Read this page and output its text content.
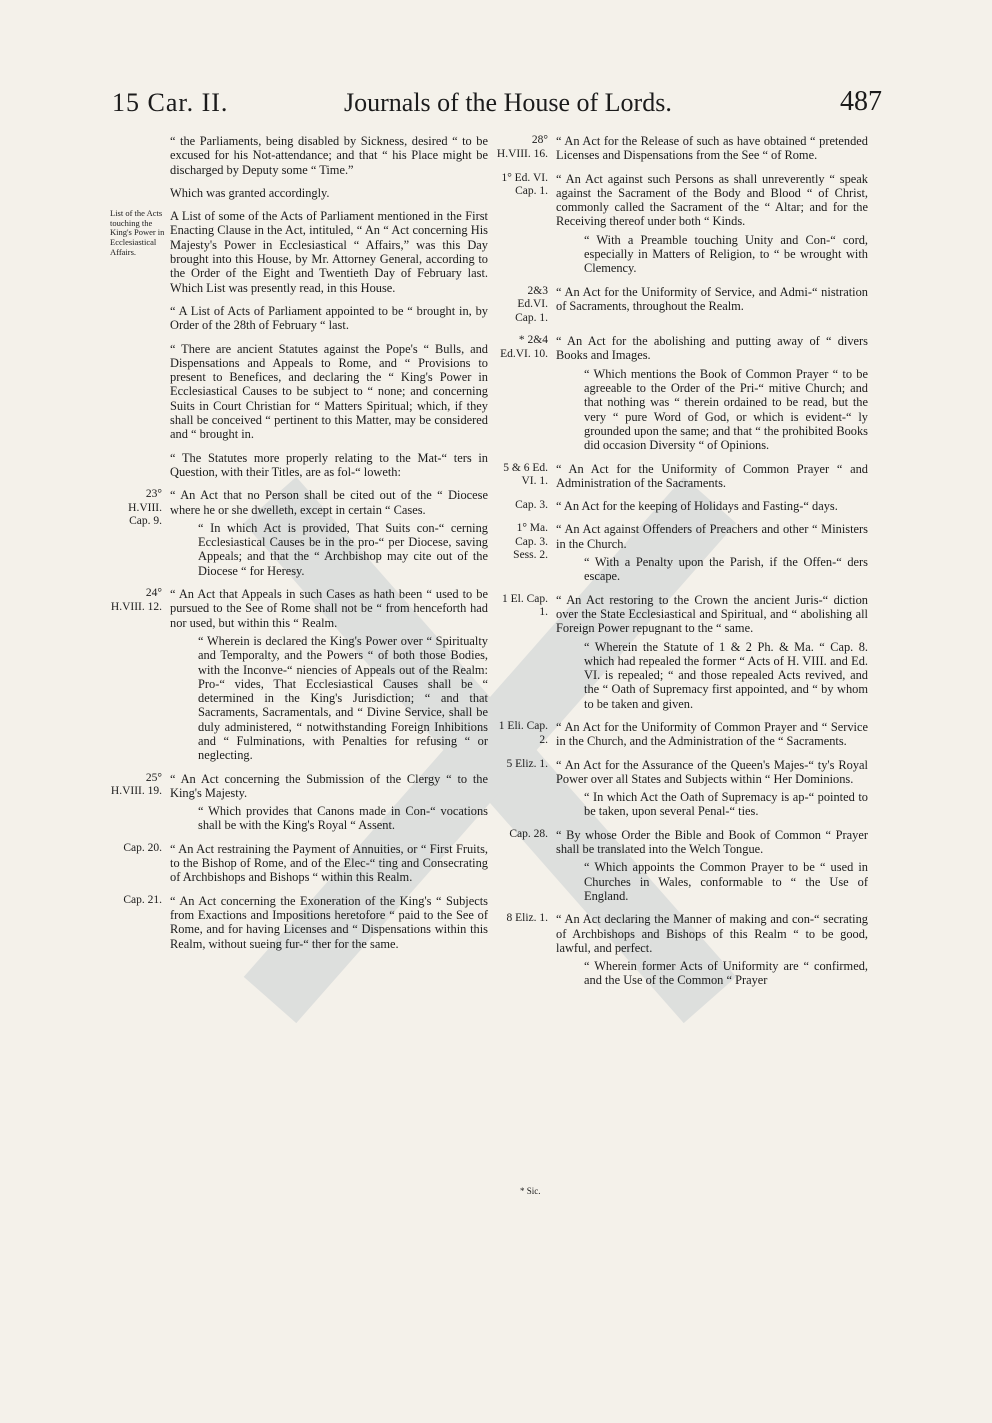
15 Car. II.	Journals of the House of Lords.	487
“ the Parliaments, being disabled by Sickness, desired “ to be excused for his Not-attendance; and that “ his Place might be discharged by Deputy some “ Time.”
Which was granted accordingly.
List of the Acts touching the King's Power in Ecclesiastical Affairs.
A List of some of the Acts of Parliament mentioned in the First Enacting Clause in the Act, intituled, “ An “ Act concerning His Majesty's Power in Ecclesiastical “ Affairs,” was this Day brought into this House, by Mr. Attorney General, according to the Order of the Eight and Twentieth Day of February last. Which List was presently read, in this House.
“ A List of Acts of Parliament appointed to be “ brought in, by Order of the 28th of February “ last.
“ There are ancient Statutes against the Pope's “ Bulls, and Dispensations and Appeals to Rome, and “ Provisions to present to Benefices, and declaring the “ King's Power in Ecclesiastical Causes to be subject to “ none; and concerning Suits in Court Christian for “ Matters Spiritual; which, if they shall be conceived “ pertinent to this Matter, may be considered and “ brought in.
“ The Statutes more properly relating to the Mat-“ ters in Question, with their Titles, are as fol-“ loweth:
23° H.VIII. Cap. 9.
“ An Act that no Person shall be cited out of the “ Diocese where he or she dwelleth, except in certain “ Cases.
“ In which Act is provided, That Suits con-“ cerning Ecclesiastical Causes be in the pro-“ per Diocese, saving Appeals; and that the “ Archbishop may cite out of the Diocese “ for Heresy.
24° H.VIII. 12.
“ An Act that Appeals in such Cases as hath been “ used to be pursued to the See of Rome shall not be “ from henceforth had nor used, but within this “ Realm.
“ Wherein is declared the King's Power over “ Spiritualty and Temporalty, and the Powers “ of both those Bodies, with the Inconve-“ niencies of Appeals out of the Realm: Pro-“ vides, That Ecclesiastical Causes shall be “ determined in the King's Jurisdiction; “ and that Sacraments, Sacramentals, and “ Divine Service, shall be duly administered, “ notwithstanding Foreign Inhibitions and “ Fulminations, with Penalties for refusing “ or neglecting.
25° H.VIII. 19.
“ An Act concerning the Submission of the Clergy “ to the King's Majesty.
“ Which provides that Canons made in Con-“ vocations shall be with the King's Royal “ Assent.
Cap. 20. “ An Act restraining the Payment of Annuities, or “ First Fruits, to the Bishop of Rome, and of the Elec-“ ting and Consecrating of Archbishops and Bishops “ within this Realm.
Cap. 21. “ An Act concerning the Exoneration of the King's “ Subjects from Exactions and Impositions heretofore “ paid to the See of Rome, and for having Licenses and “ Dispensations within this Realm, without sueing fur-“ ther for the same.
28° H.VIII. 16.
“ An Act for the Release of such as have obtained “ pretended Licenses and Dispensations from the See “ of Rome.
1° Ed. VI. Cap. 1.
“ An Act against such Persons as shall unreverently “ speak against the Sacrament of the Body and Blood “ of Christ, commonly called the Sacrament of the “ Altar; and for the Receiving thereof under both “ Kinds.
“ With a Preamble touching Unity and Con-“ cord, especially in Matters of Religion, to “ be wrought with Clemency.
2&3 Ed.VI. Cap. 1.
“ An Act for the Uniformity of Service, and Admi-“ nistration of Sacraments, throughout the Realm.
* 2&4 Ed.VI. 10.
“ An Act for the abolishing and putting away of “ divers Books and Images.
“ Which mentions the Book of Common Prayer “ to be agreeable to the Order of the Pri-“ mitive Church; and that nothing was “ therein ordained to be read, but the very “ pure Word of God, or which is evident-“ ly grounded upon the same; and that “ the prohibited Books did occasion Diversity “ of Opinions.
5 & 6 Ed. VI. 1.
“ An Act for the Uniformity of Common Prayer “ and Administration of the Sacraments.
Cap. 3. “ An Act for the keeping of Holidays and Fasting-“ days.
1° Ma. Cap. 3. Sess. 2.
“ An Act against Offenders of Preachers and other “ Ministers in the Church.
“ With a Penalty upon the Parish, if the Offen-“ ders escape.
1 El. Cap. 1.
“ An Act restoring to the Crown the ancient Juris-“ diction over the State Ecclesiastical and Spiritual, and “ abolishing all Foreign Power repugnant to the “ same.
“ Wherein the Statute of 1 & 2 Ph. & Ma. “ Cap. 8. which had repealed the former “ Acts of H. VIII. and Ed. VI. is repealed; “ and those repealed Acts revived, and the “ Oath of Supremacy first appointed, and “ by whom to be taken and given.
1 Eli. Cap. 2.
“ An Act for the Uniformity of Common Prayer and “ Service in the Church, and the Administration of the “ Sacraments.
5 Eliz. 1. “ An Act for the Assurance of the Queen's Majes-“ ty's Royal Power over all States and Subjects within “ Her Dominions.
“ In which Act the Oath of Supremacy is ap-“ pointed to be taken, upon several Penal-“ ties.
Cap. 28. “ By whose Order the Bible and Book of Common “ Prayer shall be translated into the Welch Tongue.
“ Which appoints the Common Prayer to be “ used in Churches in Wales, conformable to “ the Use of England.
8 Eliz. 1. “ An Act declaring the Manner of making and con-“ secrating of Archbishops and Bishops of this Realm “ to be good, lawful, and perfect.
“ Wherein former Acts of Uniformity are “ confirmed, and the Use of the Common “ Prayer
* Sic.
